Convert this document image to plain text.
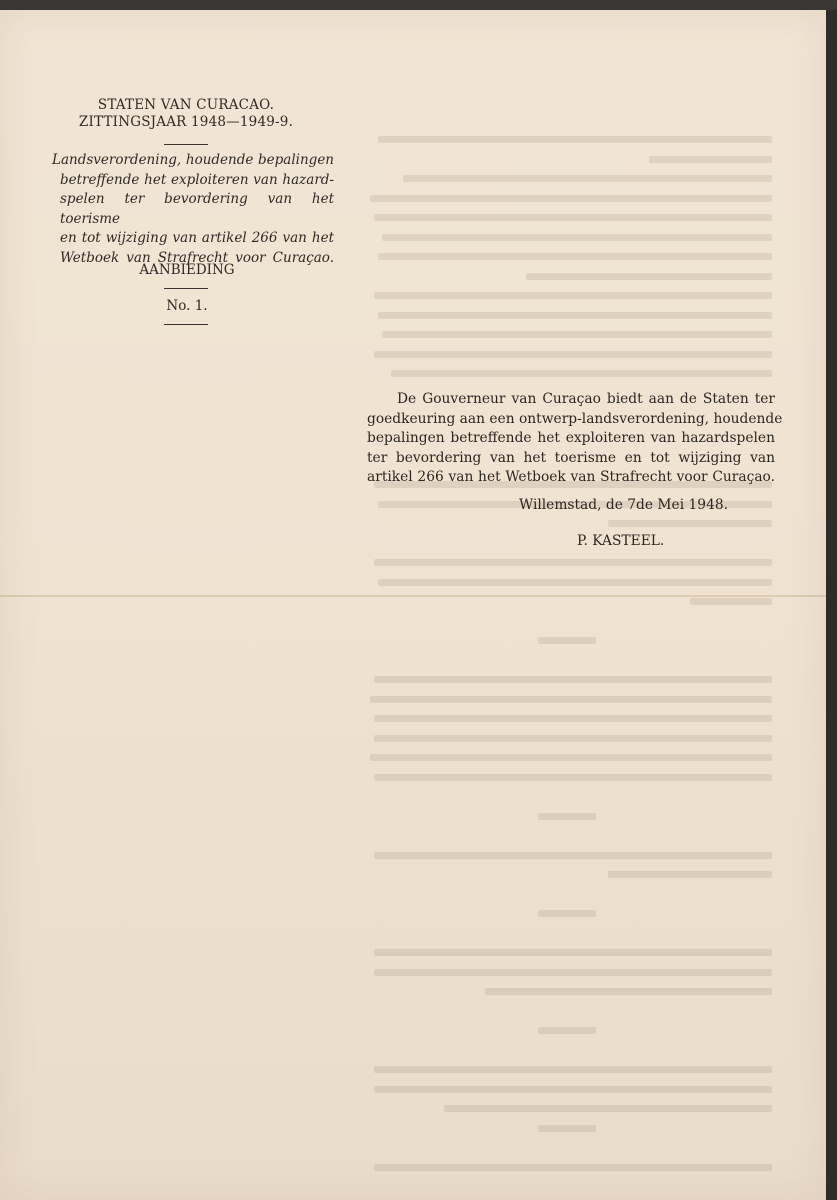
STATEN VAN CURACAO.
ZITTINGSJAAR 1948—1949-9.
Landsverordening, houdende bepalingen
betreffende het exploiteren van hazard-
spelen ter bevordering van het toerisme
en tot wijziging van artikel 266 van het
Wetboek van Strafrecht voor Curaçao.
AANBIEDING
No. 1.
De Gouverneur van Curaçao biedt aan de Staten ter
goedkeuring aan een ontwerp-landsverordening, houdende
bepalingen betreffende het exploiteren van hazardspelen
ter bevordering van het toerisme en tot wijziging van
artikel 266 van het Wetboek van Strafrecht voor Curaçao.
Willemstad, de 7de Mei 1948.
P. KASTEEL.
